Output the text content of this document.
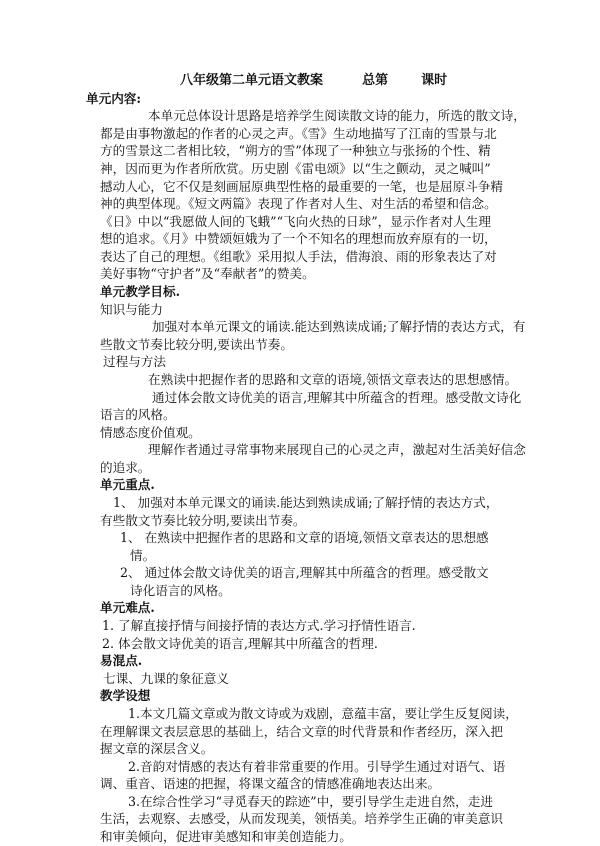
八年级第二单元语文教案	总第	课时
单元内容:
本单元总体设计思路是培养学生阅读散文诗的能力，所选的散文诗，
都是由事物激起的作者的心灵之声。《雪》生动地描写了江南的雪景与北
方的雪景这二者相比较，“朔方的雪”体现了一种独立与张扬的个性、精
神，因而更为作者所欣赏。历史剧《雷电颂》以“生之颤动，灵之喊叫”
撼动人心，它不仅是刻画屈原典型性格的最重要的一笔，也是屈原斗争精
神的典型体现。《短文两篇》表现了作者对人生、对生活的希望和信念。
《日》中以“我愿做人间的飞蛾”“飞向火热的日球”，显示作者对人生理
想的追求。《月》中赞颂姮娥为了一个不知名的理想而放弃原有的一切，
表达了自己的理想。《组歌》采用拟人手法，借海浪、雨的形象表达了对
美好事物“守护者”及“奉献者”的赞美。
单元教学目标.
知识与能力
加强对本单元课文的诵读.能达到熟读成诵;了解抒情的表达方式，有
些散文节奏比较分明,要读出节奏。
过程与方法
在熟读中把握作者的思路和文章的语境,领悟文章表达的思想感情。
通过体会散文诗优美的语言,理解其中所蕴含的哲理。感受散文诗化
语言的风格。
情感态度价值观。
理解作者通过寻常事物来展现自己的心灵之声，激起对生活美好信念
的追求。
单元重点.
1、 加强对本单元课文的诵读.能达到熟读成诵;了解抒情的表达方式，
有些散文节奏比较分明,要读出节奏。
1、 在熟读中把握作者的思路和文章的语境,领悟文章表达的思想感
情。
2、 通过体会散文诗优美的语言,理解其中所蕴含的哲理。感受散文
诗化语言的风格。
单元难点.
1. 了解直接抒情与间接抒情的表达方式.学习抒情性语言.
2. 体会散文诗优美的语言,理解其中所蕴含的哲理.
易混点.
七课、九课的象征意义
教学设想
1.本文几篇文章或为散文诗或为戏剧，意蕴丰富，要让学生反复阅读，
在理解课文表层意思的基础上，结合文章的时代背景和作者经历，深入把
握文章的深层含义。
2.音韵对情感的表达有着非常重要的作用。引导学生通过对语气、语
调、重音、语速的把握，将课文蕴含的情感准确地表达出来。
3.在综合性学习“寻觅春天的踪迹”中，要引导学生走进自然，走进
生活，去观察、去感受，从而发现美，领悟美。培养学生正确的审美意识
和审美倾向，促进审美感知和审美创造能力。
